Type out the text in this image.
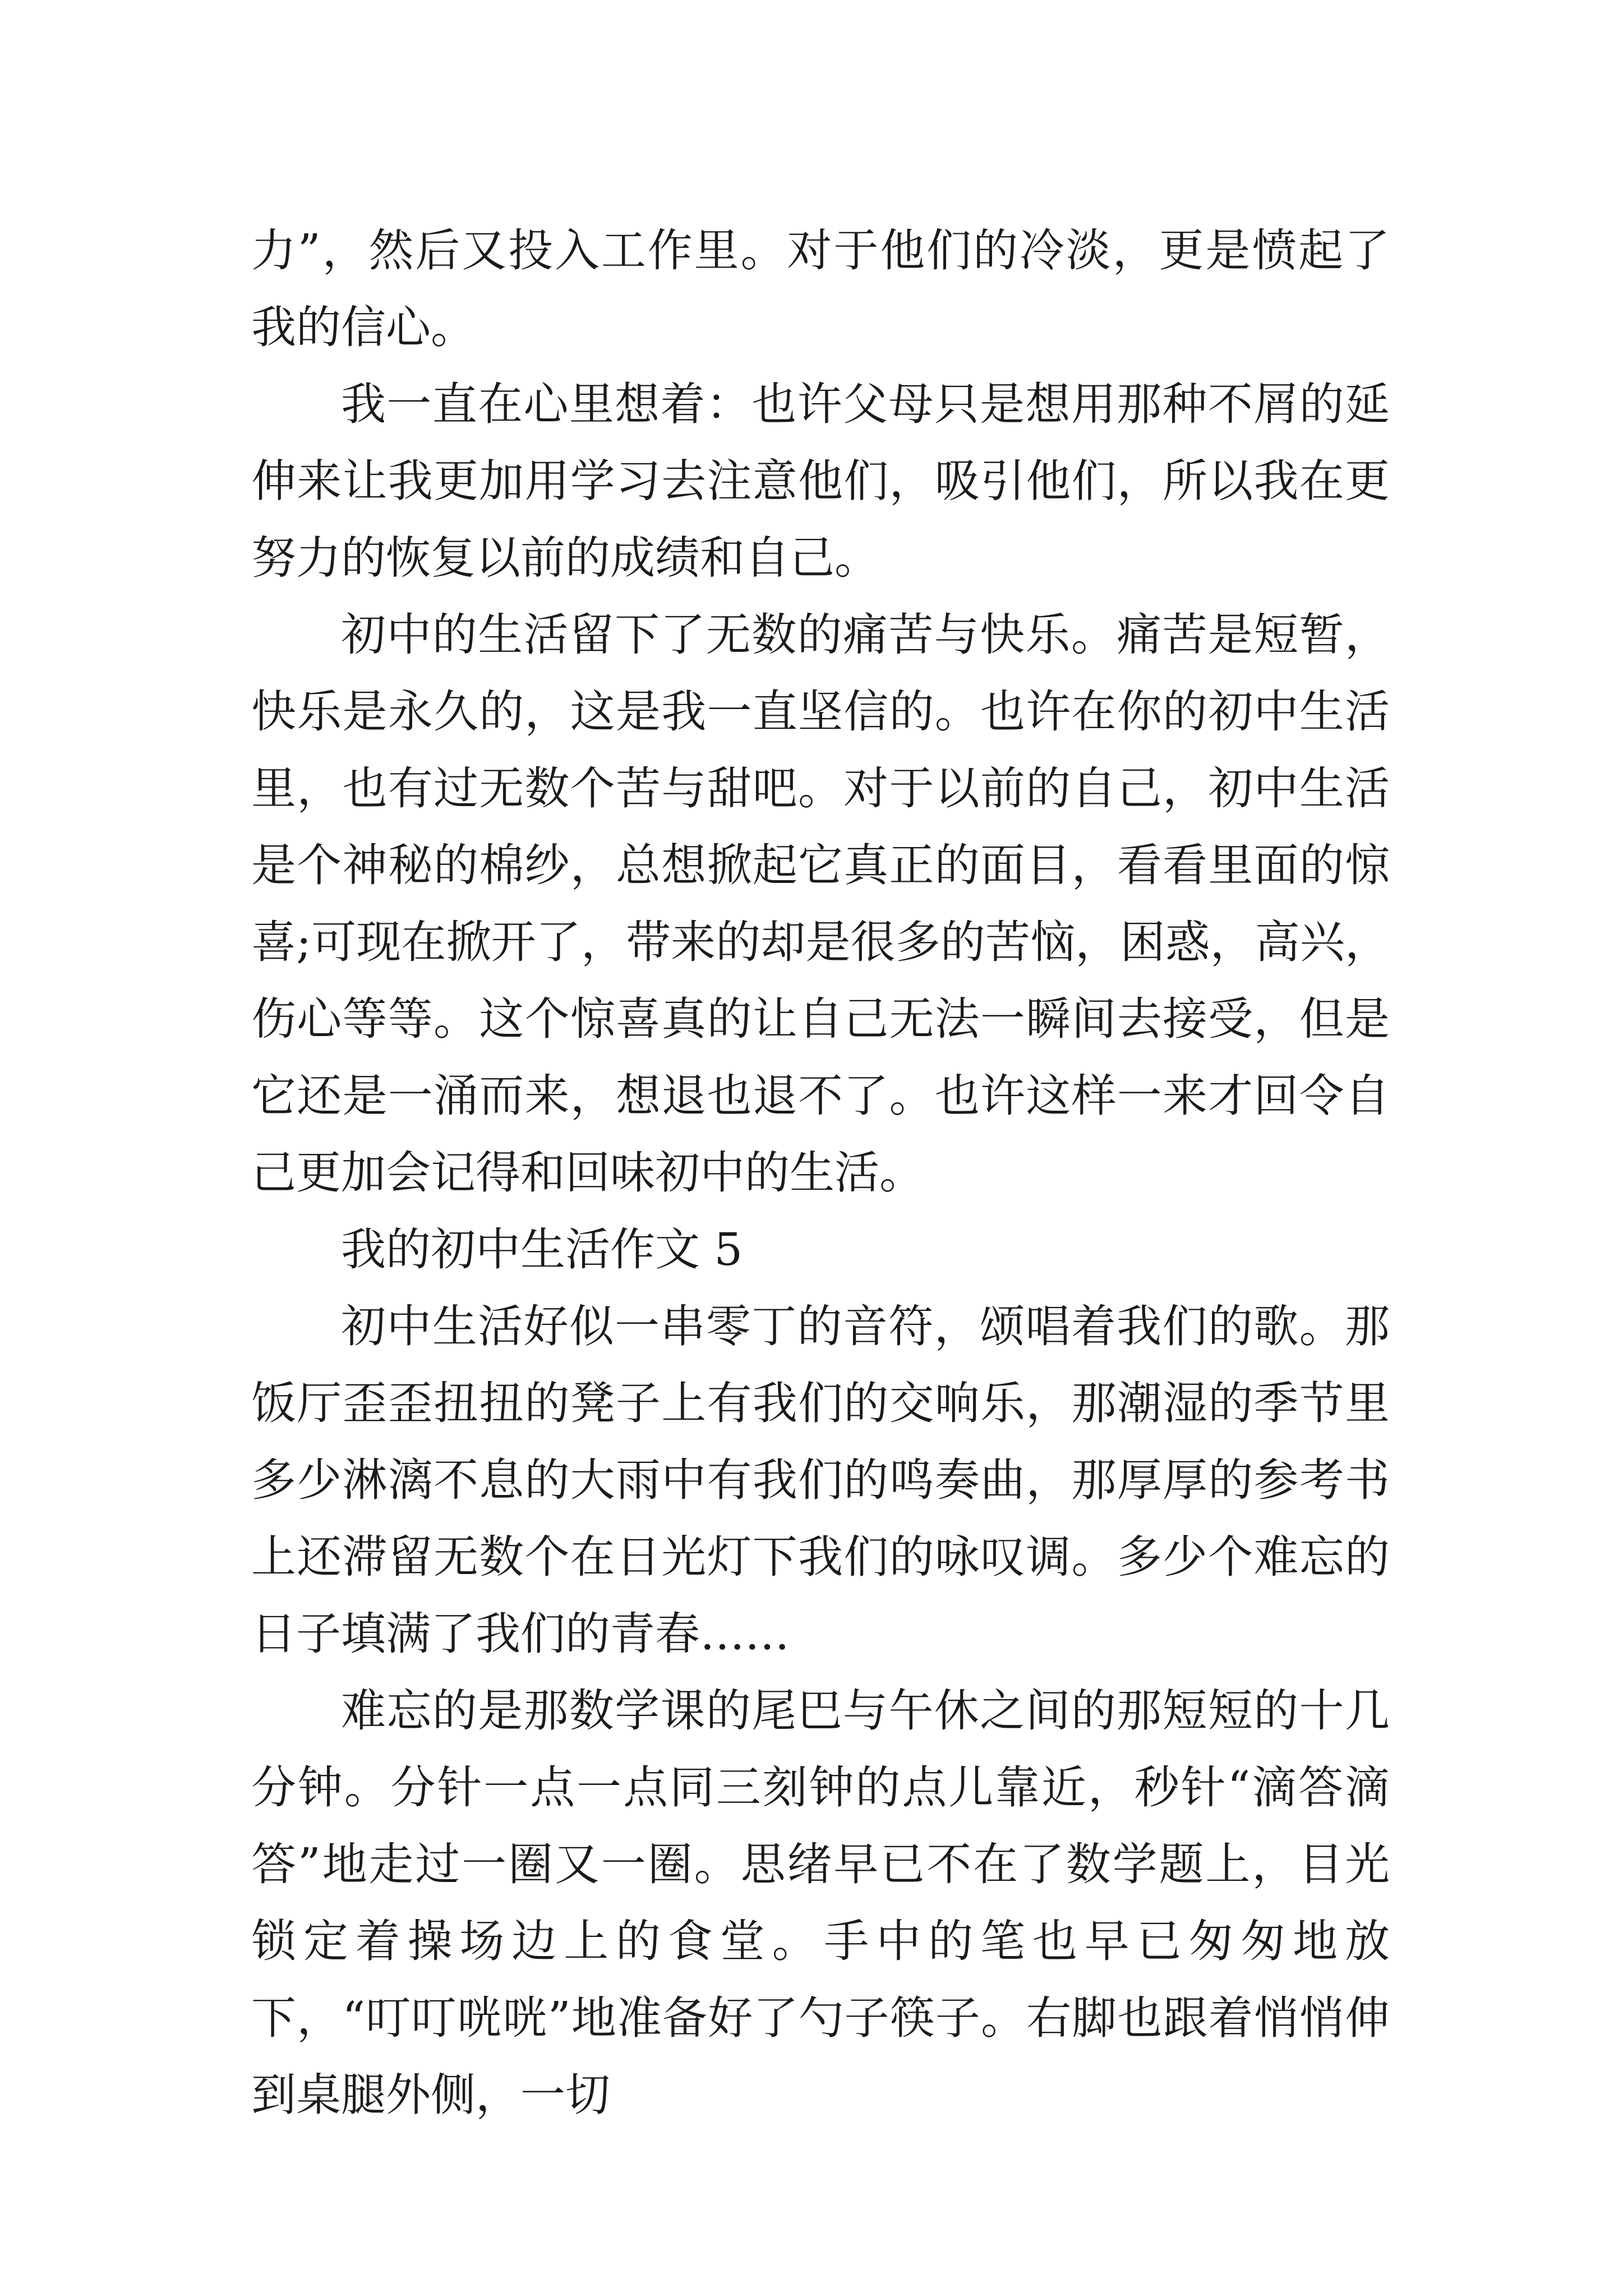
力”，然后又投入工作里。对于他们的冷淡，更是愤起了我的信心。

我一直在心里想着：也许父母只是想用那种不屑的延伸来让我更加用学习去注意他们，吸引他们，所以我在更努力的恢复以前的成绩和自己。

初中的生活留下了无数的痛苦与快乐。痛苦是短暂，快乐是永久的，这是我一直坚信的。也许在你的初中生活里，也有过无数个苦与甜吧。对于以前的自己，初中生活是个神秘的棉纱，总想掀起它真正的面目，看看里面的惊喜;可现在掀开了，带来的却是很多的苦恼，困惑，高兴，伤心等等。这个惊喜真的让自己无法一瞬间去接受，但是它还是一涌而来，想退也退不了。也许这样一来才回令自己更加会记得和回味初中的生活。

我的初中生活作文 5

初中生活好似一串零丁的音符，颂唱着我们的歌。那饭厅歪歪扭扭的凳子上有我们的交响乐，那潮湿的季节里多少淋漓不息的大雨中有我们的鸣奏曲，那厚厚的参考书上还滞留无数个在日光灯下我们的咏叹调。多少个难忘的日子填满了我们的青春……

难忘的是那数学课的尾巴与午休之间的那短短的十几分钟。分针一点一点同三刻钟的点儿靠近，秒针“滴答滴答”地走过一圈又一圈。思绪早已不在了数学题上，目光锁定着操场边上的食堂。手中的笔也早已匆匆地放下，“叮叮咣咣”地准备好了勺子筷子。右脚也跟着悄悄伸到桌腿外侧，一切
